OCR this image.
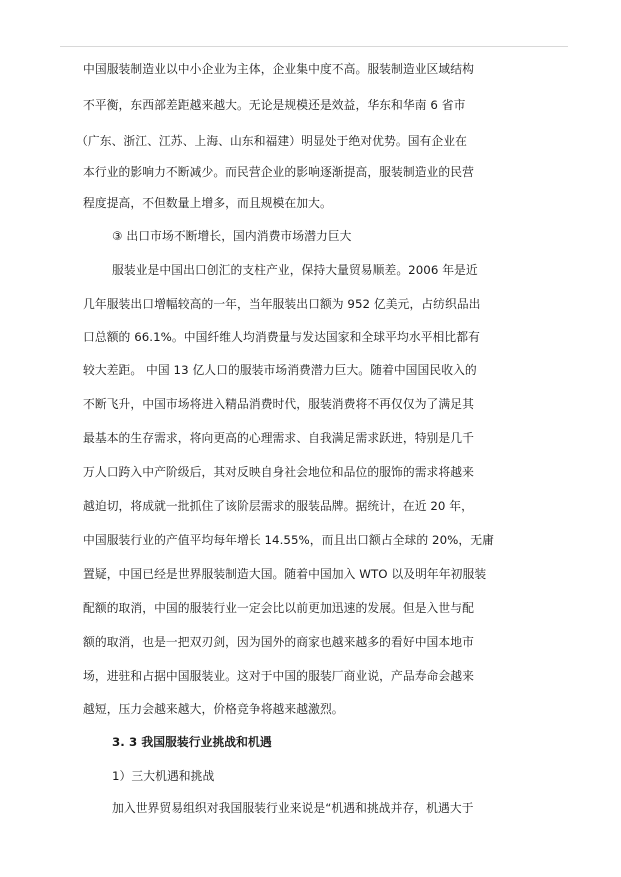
中国服装制造业以中小企业为主体，企业集中度不高。服装制造业区域结构
不平衡，东西部差距越来越大。无论是规模还是效益，华东和华南 6 省市
（广东、浙江、江苏、上海、山东和福建）明显处于绝对优势。国有企业在
本行业的影响力不断减少。而民营企业的影响逐渐提高，服装制造业的民营
程度提高，不但数量上增多，而且规模在加大。
③ 出口市场不断增长，国内消费市场潜力巨大
服装业是中国出口创汇的支柱产业，保持大量贸易顺差。2006 年是近
几年服装出口增幅较高的一年，当年服装出口额为 952 亿美元，占纺织品出
口总额的 66.1%。中国纤维人均消费量与发达国家和全球平均水平相比都有
较大差距。 中国 13 亿人口的服装市场消费潜力巨大。随着中国国民收入的
不断飞升，中国市场将进入精品消费时代，服装消费将不再仅仅为了满足其
最基本的生存需求，将向更高的心理需求、自我满足需求跃进，特别是几千
万人口跨入中产阶级后，其对反映自身社会地位和品位的服饰的需求将越来
越迫切，将成就一批抓住了该阶层需求的服装品牌。据统计，在近 20 年，
中国服装行业的产值平均每年增长 14.55%，而且出口额占全球的 20%，无庸
置疑，中国已经是世界服装制造大国。随着中国加入 WTO 以及明年年初服装
配额的取消，中国的服装行业一定会比以前更加迅速的发展。但是入世与配
额的取消，也是一把双刃剑，因为国外的商家也越来越多的看好中国本地市
场，进驻和占据中国服装业。这对于中国的服装厂商业说，产品寿命会越来
越短，压力会越来越大，价格竞争将越来越激烈。
3. 3 我国服装行业挑战和机遇
1）三大机遇和挑战
加入世界贸易组织对我国服装行业来说是“机遇和挑战并存，机遇大于
